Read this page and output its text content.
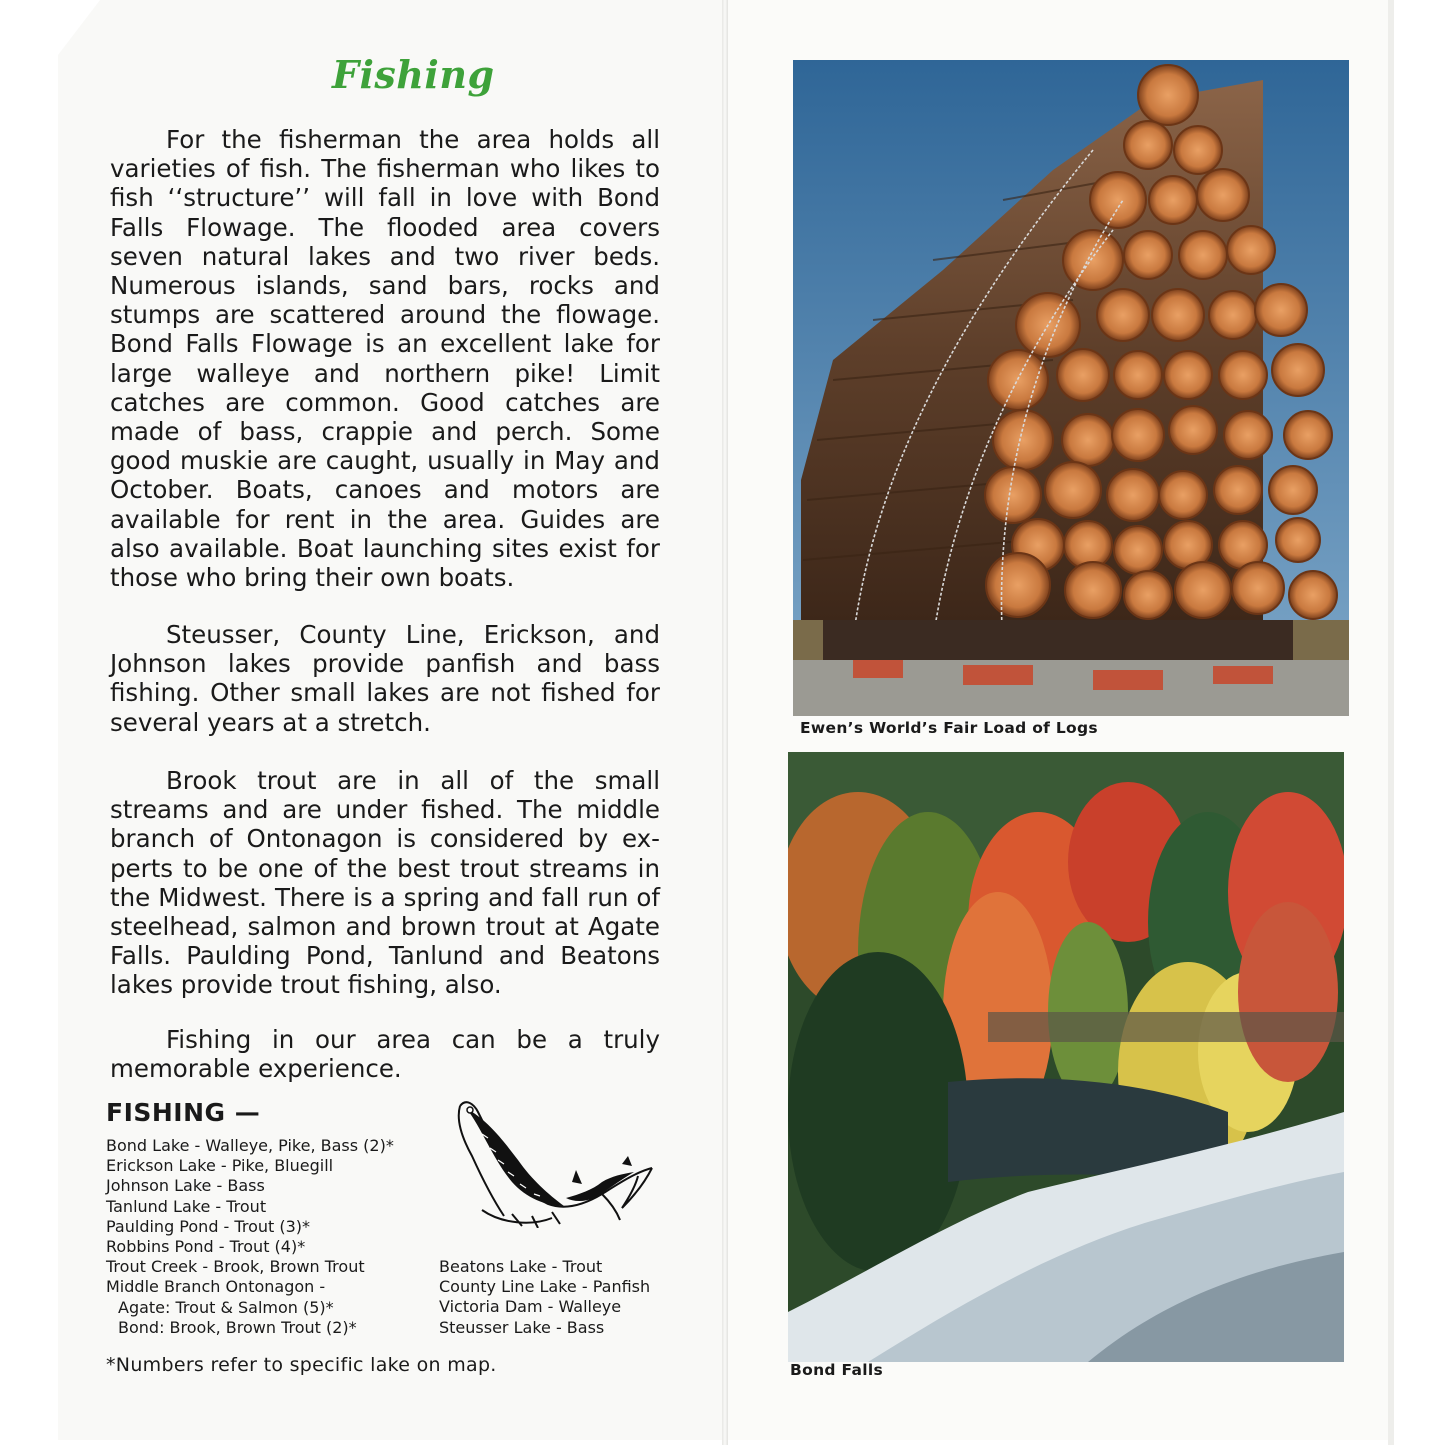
Fishing

For the fisherman the area holds all varieties of fish. The fisherman who likes to fish ‘‘structure’’ will fall in love with Bond Falls Flowage. The flooded area covers seven natural lakes and two river beds. Numerous islands, sand bars, rocks and stumps are scattered around the flowage. Bond Falls Flowage is an excellent lake for large walleye and northern pike! Limit catches are common. Good catches are made of bass, crappie and perch. Some good muskie are caught, usually in May and October. Boats, canoes and motors are available for rent in the area. Guides are also available. Boat launching sites exist for those who bring their own boats.

Steusser, County Line, Erickson, and Johnson lakes provide panfish and bass fishing. Other small lakes are not fished for several years at a stretch.

Brook trout are in all of the small streams and are under fished. The middle branch of Ontonagon is considered by ex-perts to be one of the best trout streams in the Midwest. There is a spring and fall run of steelhead, salmon and brown trout at Agate Falls. Paulding Pond, Tanlund and Beatons lakes provide trout fishing, also.

Fishing in our area can be a truly memorable experience.

FISHING —
Bond Lake - Walleye, Pike, Bass (2)*
Erickson Lake - Pike, Bluegill
Johnson Lake - Bass
Tanlund Lake - Trout
Paulding Pond - Trout (3)*
Robbins Pond - Trout (4)*
Trout Creek - Brook, Brown Trout
Middle Branch Ontonagon -
Agate: Trout & Salmon (5)*
Bond: Brook, Brown Trout (2)*
Beatons Lake - Trout
County Line Lake - Panfish
Victoria Dam - Walleye
Steusser Lake - Bass
*Numbers refer to specific lake on map.
Ewen’s World’s Fair Load of Logs
Bond Falls
